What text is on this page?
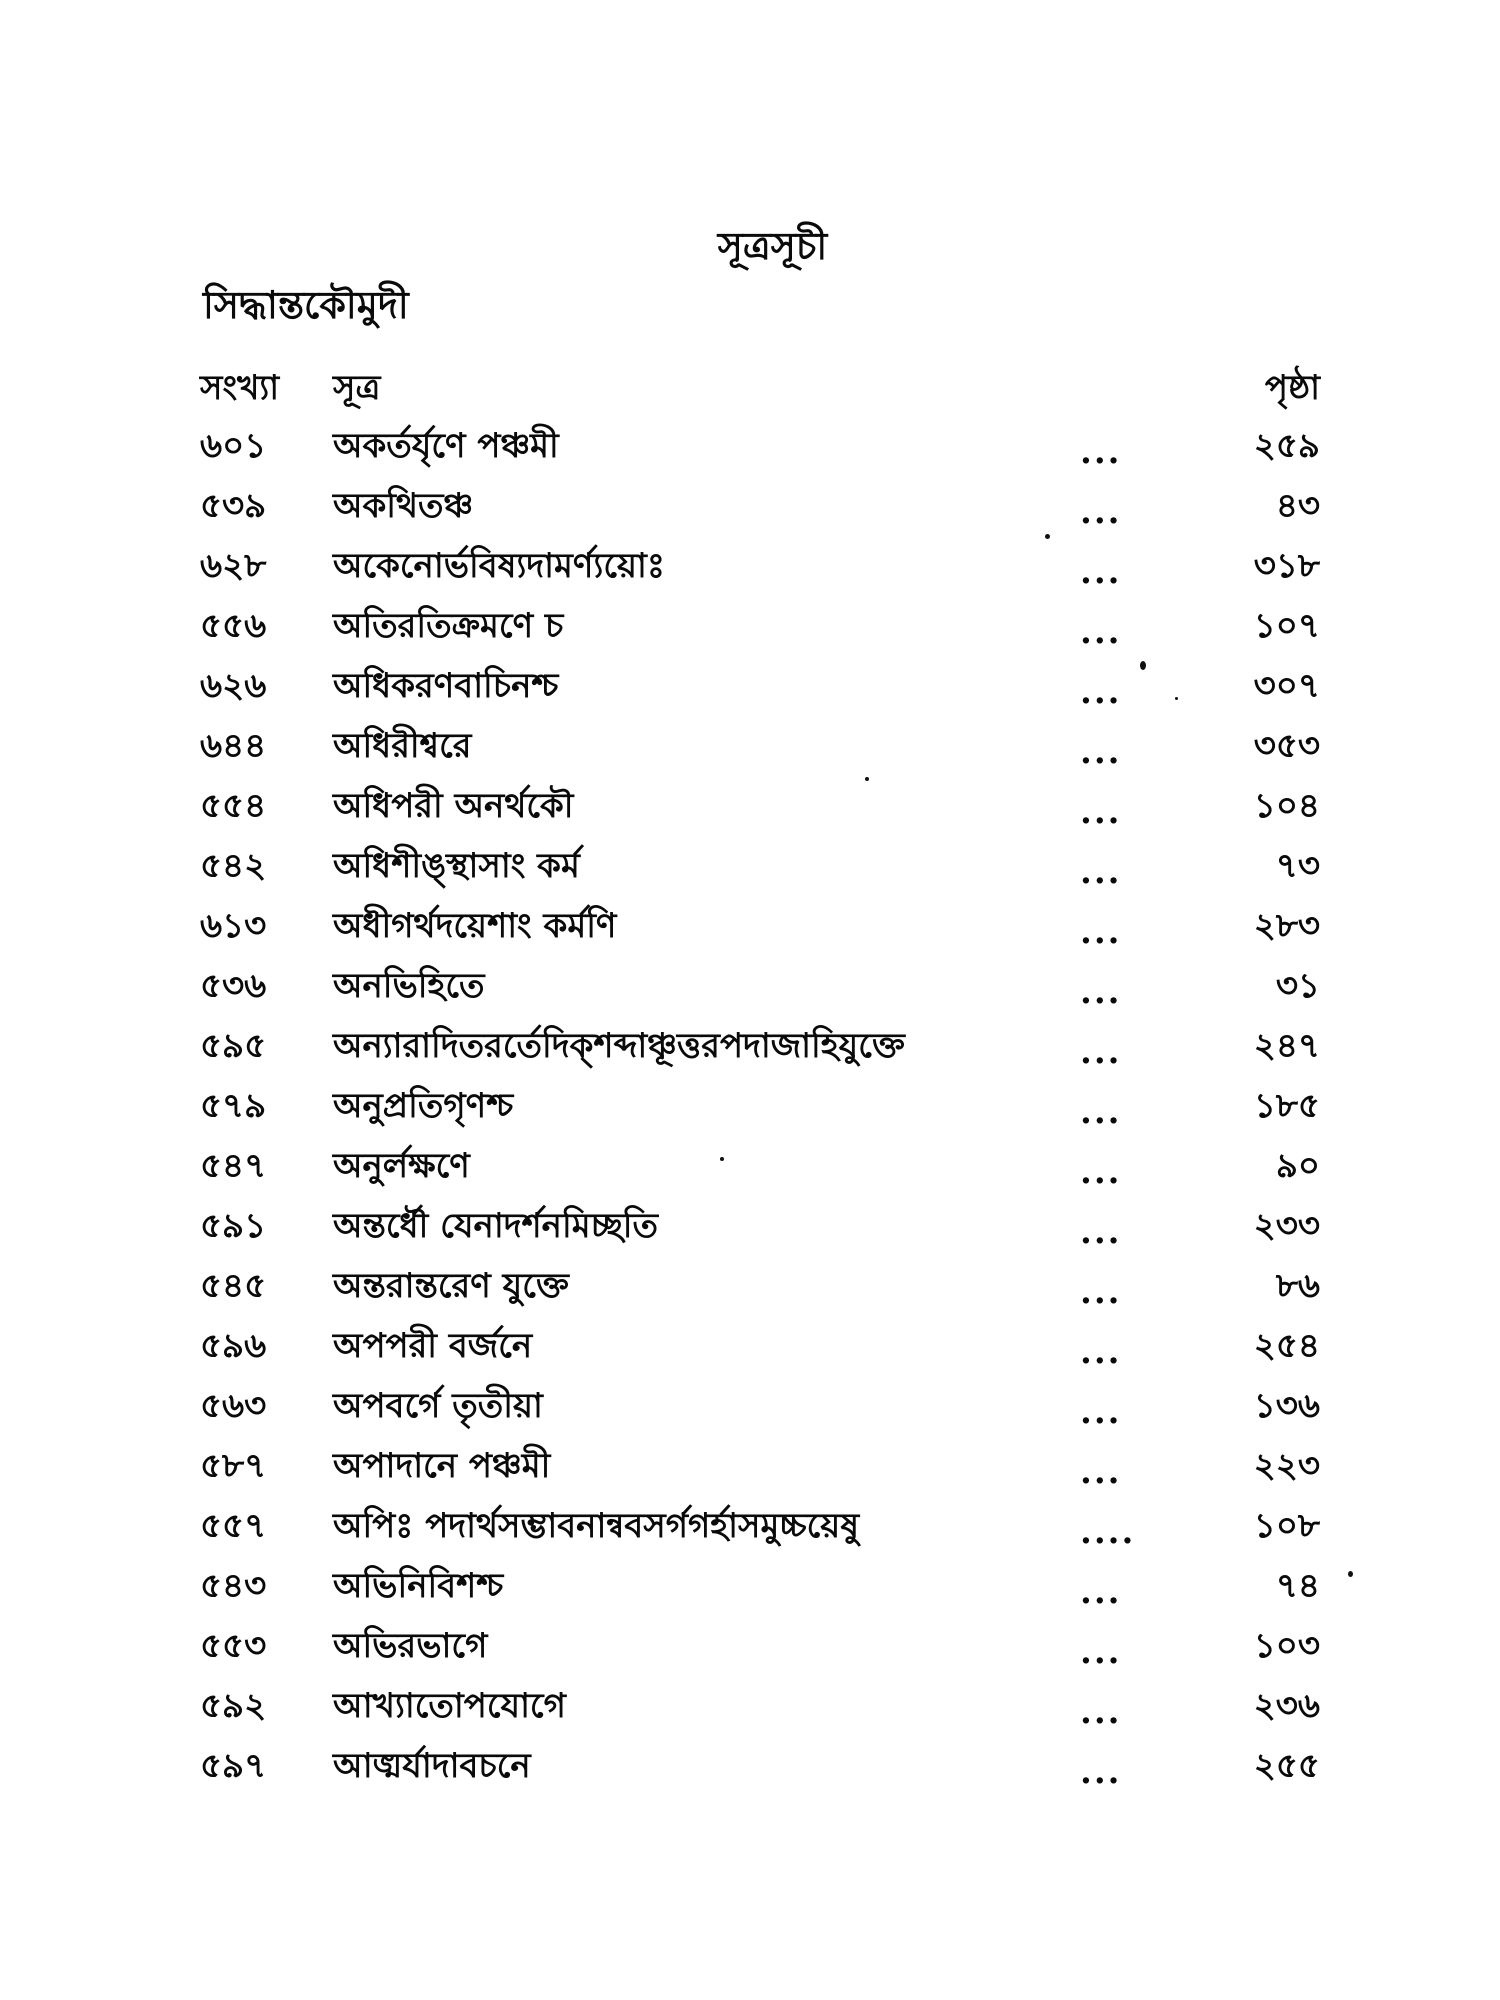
সূত্রসূচী
সিদ্ধান্তকৌমুদী
সংখ্যা	সূত্র	পৃষ্ঠা
৬০১	অকর্তর্যৃণে পঞ্চমী	...	২৫৯
৫৩৯	অকথিতঞ্চ	...	৪৩
৬২৮	অকেনোর্ভবিষ্যদামর্ণ্যয়োঃ	...	৩১৮
৫৫৬	অতিরতিক্রমণে চ	...	১০৭
৬২৬	অধিকরণবাচিনশ্চ	...	৩০৭
৬৪৪	অধিরীশ্বরে	...	৩৫৩
৫৫৪	অধিপরী অনর্থকৌ	...	১০৪
৫৪২	অধিশীঙ্স্থাসাং কর্ম	...	৭৩
৬১৩	অধীগর্থদয়েশাং কর্মণি	...	২৮৩
৫৩৬	অনভিহিতে	...	৩১
৫৯৫	অন্যারাদিতরর্তেদিক্শব্দাঞ্চূত্তরপদাজাহিযুক্তে	...	২৪৭
৫৭৯	অনুপ্রতিগৃণশ্চ	...	১৮৫
৫৪৭	অনুর্লক্ষণে	...	৯০
৫৯১	অন্তর্ধৌ যেনাদর্শনমিচ্ছতি	...	২৩৩
৫৪৫	অন্তরান্তরেণ যুক্তে	...	৮৬
৫৯৬	অপপরী বর্জনে	...	২৫৪
৫৬৩	অপবর্গে তৃতীয়া	...	১৩৬
৫৮৭	অপাদানে পঞ্চমী	...	২২৩
৫৫৭	অপিঃ পদার্থসম্ভাবনান্ববসর্গগর্হাসমুচ্চয়েষু	....	১০৮
৫৪৩	অভিনিবিশশ্চ	...	৭৪
৫৫৩	অভিরভাগে	...	১০৩
৫৯২	আখ্যাতোপযোগে	...	২৩৬
৫৯৭	আঙ্মর্যাদাবচনে	...	২৫৫
